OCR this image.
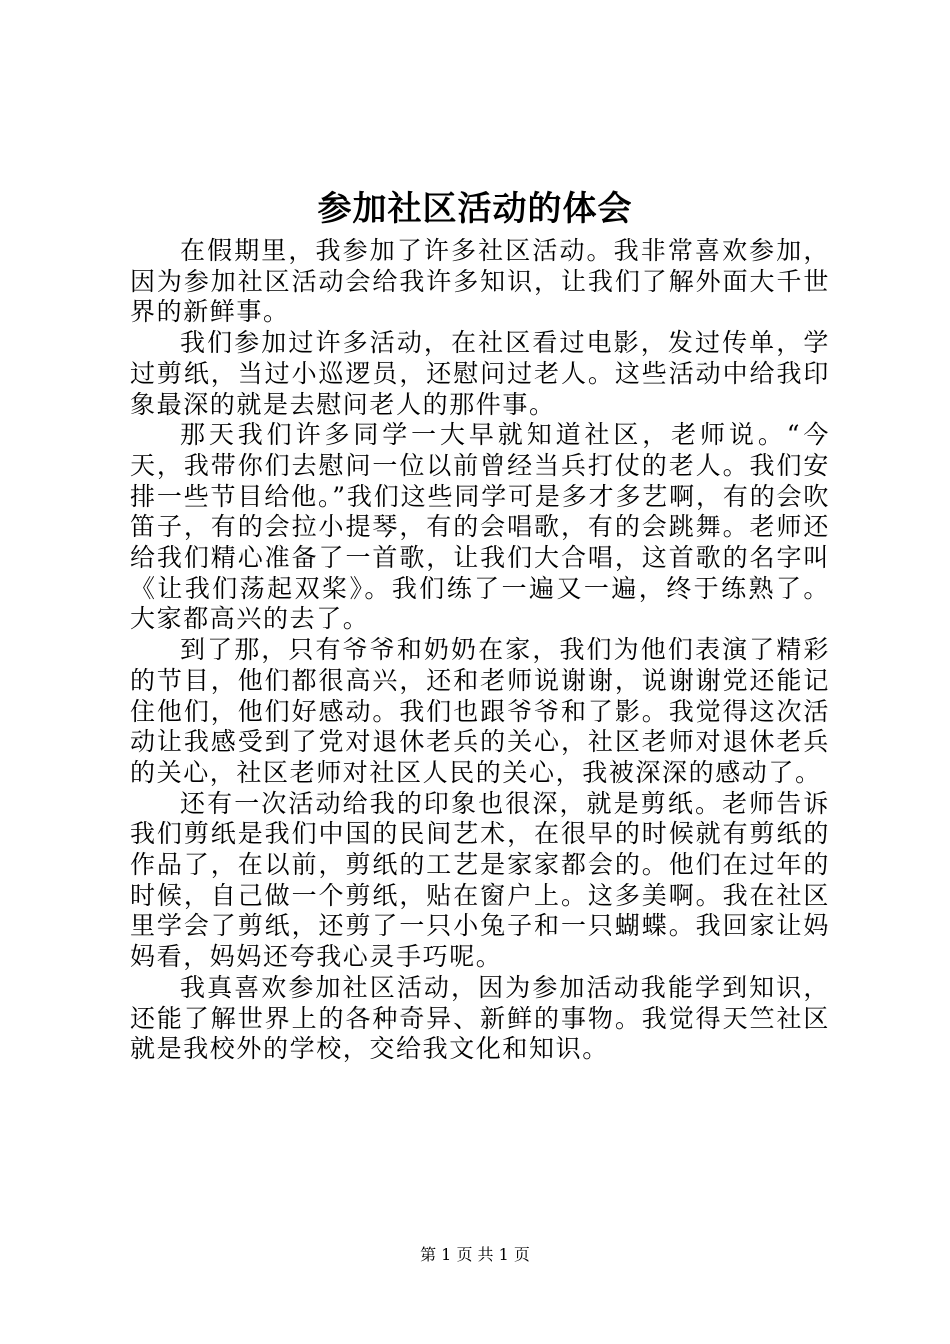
参加社区活动的体会

在假期里，我参加了许多社区活动。我非常喜欢参加，因为参加社区活动会给我许多知识，让我们了解外面大千世界的新鲜事。

我们参加过许多活动，在社区看过电影，发过传单，学过剪纸，当过小巡逻员，还慰问过老人。这些活动中给我印象最深的就是去慰问老人的那件事。

那天我们许多同学一大早就知道社区，老师说。“今天，我带你们去慰问一位以前曾经当兵打仗的老人。我们安排一些节目给他。”我们这些同学可是多才多艺啊，有的会吹笛子，有的会拉小提琴，有的会唱歌，有的会跳舞。老师还给我们精心准备了一首歌，让我们大合唱，这首歌的名字叫《让我们荡起双桨》。我们练了一遍又一遍，终于练熟了。大家都高兴的去了。

到了那，只有爷爷和奶奶在家，我们为他们表演了精彩的节目，他们都很高兴，还和老师说谢谢，说谢谢党还能记住他们，他们好感动。我们也跟爷爷和了影。我觉得这次活动让我感受到了党对退休老兵的关心，社区老师对退休老兵的关心，社区老师对社区人民的关心，我被深深的感动了。

还有一次活动给我的印象也很深，就是剪纸。老师告诉我们剪纸是我们中国的民间艺术，在很早的时候就有剪纸的作品了，在以前，剪纸的工艺是家家都会的。他们在过年的时候，自己做一个剪纸，贴在窗户上。这多美啊。我在社区里学会了剪纸，还剪了一只小兔子和一只蝴蝶。我回家让妈妈看，妈妈还夸我心灵手巧呢。

我真喜欢参加社区活动，因为参加活动我能学到知识，还能了解世界上的各种奇异、新鲜的事物。我觉得天竺社区就是我校外的学校，交给我文化和知识。

第 1 页 共 1 页
